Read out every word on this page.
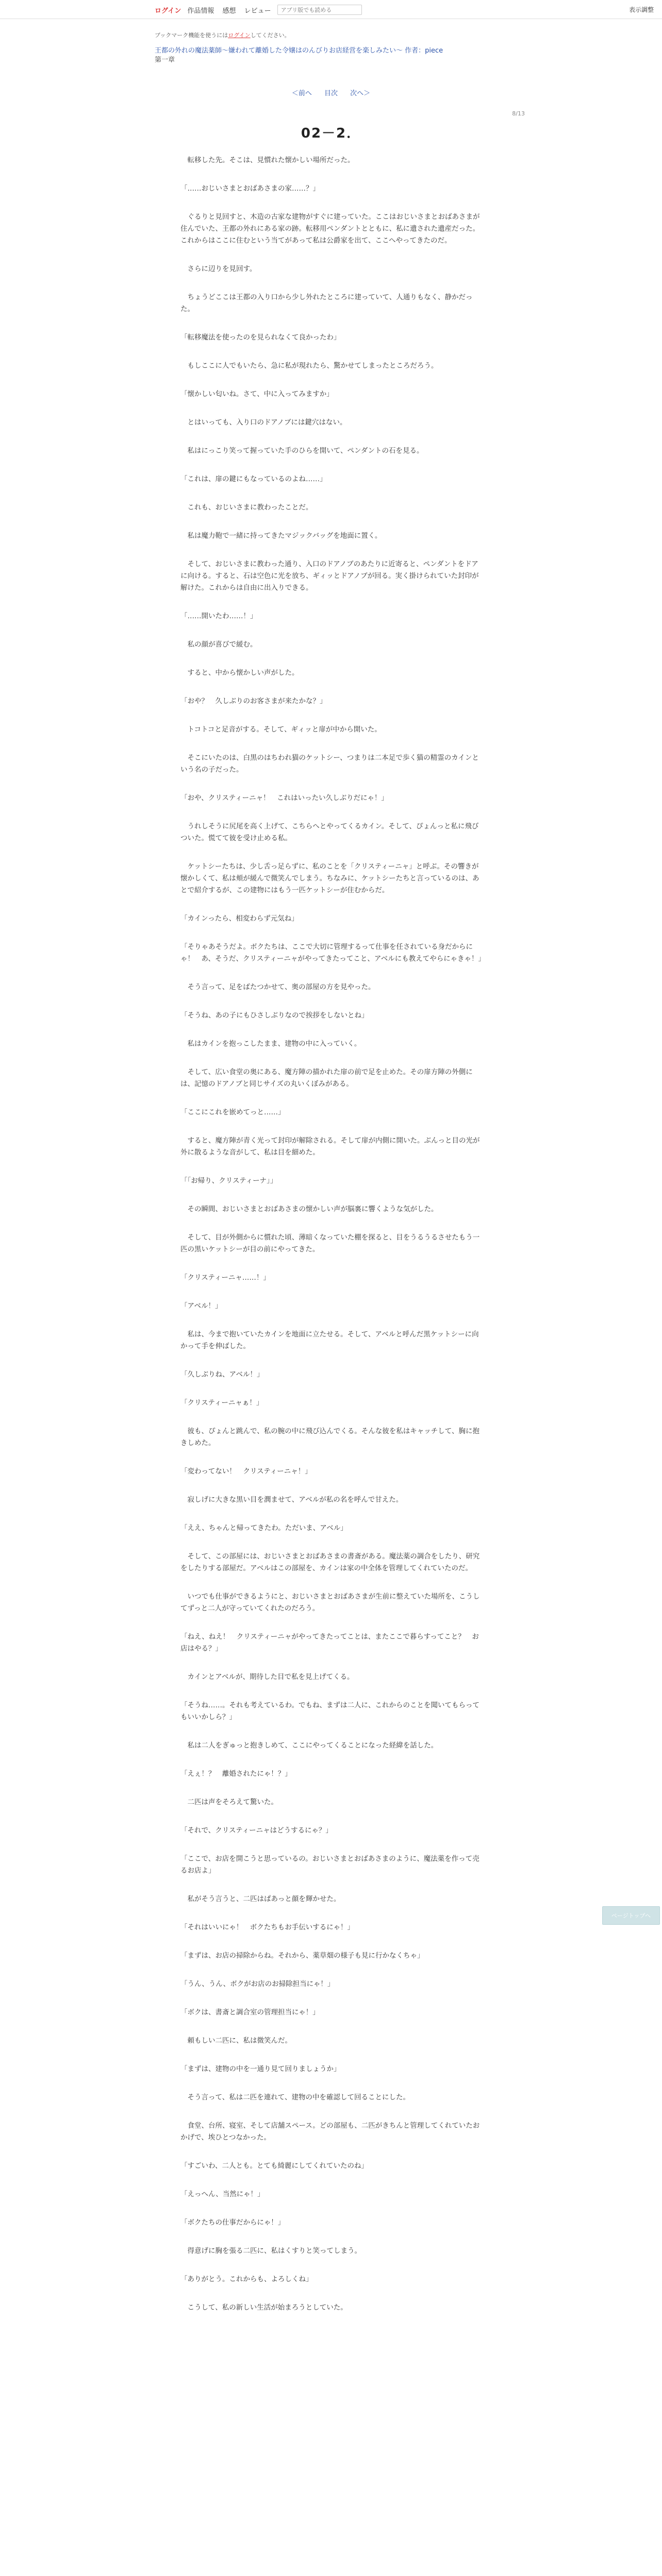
ログイン 作品情報 感想 レビュー
アプリ版でも読める	表示調整
ブックマーク機能を使うにはログインしてください。
王都の外れの魔法薬師～嫌われて離婚した令嬢はのんびりお店経営を楽しみたい～ 作者：piece
第一章
＜前へ 目次 次へ＞
8/13
02－2．

　転移した先。そこは、見慣れた懐かしい場所だった。

「……おじいさまとおばあさまの家……？」

　ぐるりと見回すと、木造の古家な建物がすぐに建っていた。ここはおじいさまとおばあさまが住んでいた、王都の外れにある家の跡。転移用ペンダントとともに、私に遺された遺産だった。これからはここに住むという当てがあって私は公爵家を出て、ここへやってきたのだ。

　さらに辺りを見回す。

　ちょうどここは王都の入り口から少し外れたところに建っていて、人通りもなく、静かだった。

「転移魔法を使ったのを見られなくて良かったわ」

　もしここに人でもいたら、急に私が現れたら、驚かせてしまったところだろう。

「懐かしい匂いね。さて、中に入ってみますか」

　とはいっても、入り口のドアノブには鍵穴はない。

　私はにっこり笑って握っていた手のひらを開いて、ペンダントの石を見る。

「これは、扉の鍵にもなっているのよね……」

　これも、おじいさまに教わったことだ。

　私は魔力鞄で一緒に持ってきたマジックバッグを地面に置く。

　そして、おじいさまに教わった通り、入口のドアノブのあたりに近寄ると、ペンダントをドアに向ける。すると、石は空色に光を放ち、ギィッとドアノブが回る。実く掛けられていた封印が解けた。これからは自由に出入りできる。

「……開いたわ……！」

　私の顔が喜びで緩む。

　すると、中から懐かしい声がした。

「おや？　久しぶりのお客さまが来たかな？」

　トコトコと足音がする。そして、ギィッと扉が中から開いた。

　そこにいたのは、白黒のはちわれ猫のケットシー、つまりは二本足で歩く猫の精霊のカインという名の子だった。

「おや、クリスティーニャ！　これはいったい久しぶりだにゃ！」

　うれしそうに尻尾を高く上げて、こちらへとやってくるカイン。そして、ぴょんっと私に飛びついた。慌てて彼を受け止める私。

　ケットシーたちは、少し舌っ足らずに、私のことを「クリスティーニャ」と呼ぶ。その響きが懐かしくて、私は頬が緩んで微笑んでしまう。ちなみに、ケットシーたちと言っているのは、あとで紹介するが、この建物にはもう一匹ケットシーが住むからだ。

「カインったら、相変わらず元気ね」

「そりゃあそうだよ。ボクたちは、ここで大切に管理するって仕事を任されている身だからにゃ！　あ、そうだ、クリスティーニャがやってきたってこと、アベルにも教えてやらにゃきゃ！」

　そう言って、足をばたつかせて、奥の部屋の方を見やった。

「そうね、あの子にもひさしぶりなので挨拶をしないとね」

　私はカインを抱っこしたまま、建物の中に入っていく。

　そして、広い食堂の奥にある、魔方陣の描かれた扉の前で足を止めた。その扉方陣の外側には、記憶のドアノブと同じサイズの丸いくぼみがある。

「ここにこれを嵌めてっと……」

　すると、魔方陣が青く光って封印が解除される。そして扉が内側に開いた。ぶんっと目の光が外に散るような音がして、私は目を細めた。

「「お帰り、クリスティーナ」」

　その瞬間、おじいさまとおばあさまの懐かしい声が脳裏に響くような気がした。

　そして、目が外側からに慣れた頃、薄暗くなっていた棚を探ると、目をうるうるさせたもう一匹の黒いケットシーが目の前にやってきた。

「クリスティーニャ……！」

「アベル！」

　私は、今まで抱いていたカインを地面に立たせる。そして、アベルと呼んだ黒ケットシーに向かって手を伸ばした。

「久しぶりね、アベル！」

「クリスティーニャぁ！」

　彼も、ぴょんと跳んで、私の腕の中に飛び込んでくる。そんな彼を私はキャッチして、胸に抱きしめた。

「変わってない！　クリスティーニャ！」

　寂しげに大きな黒い目を潤ませて、アベルが私の名を呼んで甘えた。

「ええ、ちゃんと帰ってきたわ。ただいま、アベル」

　そして、この部屋には、おじいさまとおばあさまの書斎がある。魔法薬の調合をしたり、研究をしたりする部屋だ。アベルはこの部屋を、カインは家の中全体を管理してくれていたのだ。

　いつでも仕事ができるようにと、おじいさまとおばあさまが生前に整えていた場所を、こうしてずっと二人が守っていてくれたのだろう。

「ねえ、ねえ！　クリスティーニャがやってきたってことは、またここで暮らすってこと？　お店はやる？」

　カインとアベルが、期待した目で私を見上げてくる。

「そうね……。それも考えているわ。でもね、まずは二人に、これからのことを聞いてもらってもいいかしら？」

　私は二人をぎゅっと抱きしめて、ここにやってくることになった経緯を話した。

「えぇ！？　離婚されたにゃ！？」

　二匹は声をそろえて驚いた。

「それで、クリスティーニャはどうするにゃ？」

「ここで、お店を開こうと思っているの。おじいさまとおばあさまのように、魔法薬を作って売るお店よ」

　私がそう言うと、二匹はぱあっと顔を輝かせた。

「それはいいにゃ！　ボクたちもお手伝いするにゃ！」

「まずは、お店の掃除からね。それから、薬草畑の様子も見に行かなくちゃ」

「うん、うん、ボクがお店のお掃除担当にゃ！」

「ボクは、書斎と調合室の管理担当にゃ！」

　頼もしい二匹に、私は微笑んだ。

「まずは、建物の中を一通り見て回りましょうか」

　そう言って、私は二匹を連れて、建物の中を確認して回ることにした。

　食堂、台所、寝室、そして店舗スペース。どの部屋も、二匹がきちんと管理してくれていたおかげで、埃ひとつなかった。

「すごいわ、二人とも。とても綺麗にしてくれていたのね」

「えっへん、当然にゃ！」

「ボクたちの仕事だからにゃ！」

　得意げに胸を張る二匹に、私はくすりと笑ってしまう。

「ありがとう。これからも、よろしくね」

　こうして、私の新しい生活が始まろうとしていた。

ページトップへ
